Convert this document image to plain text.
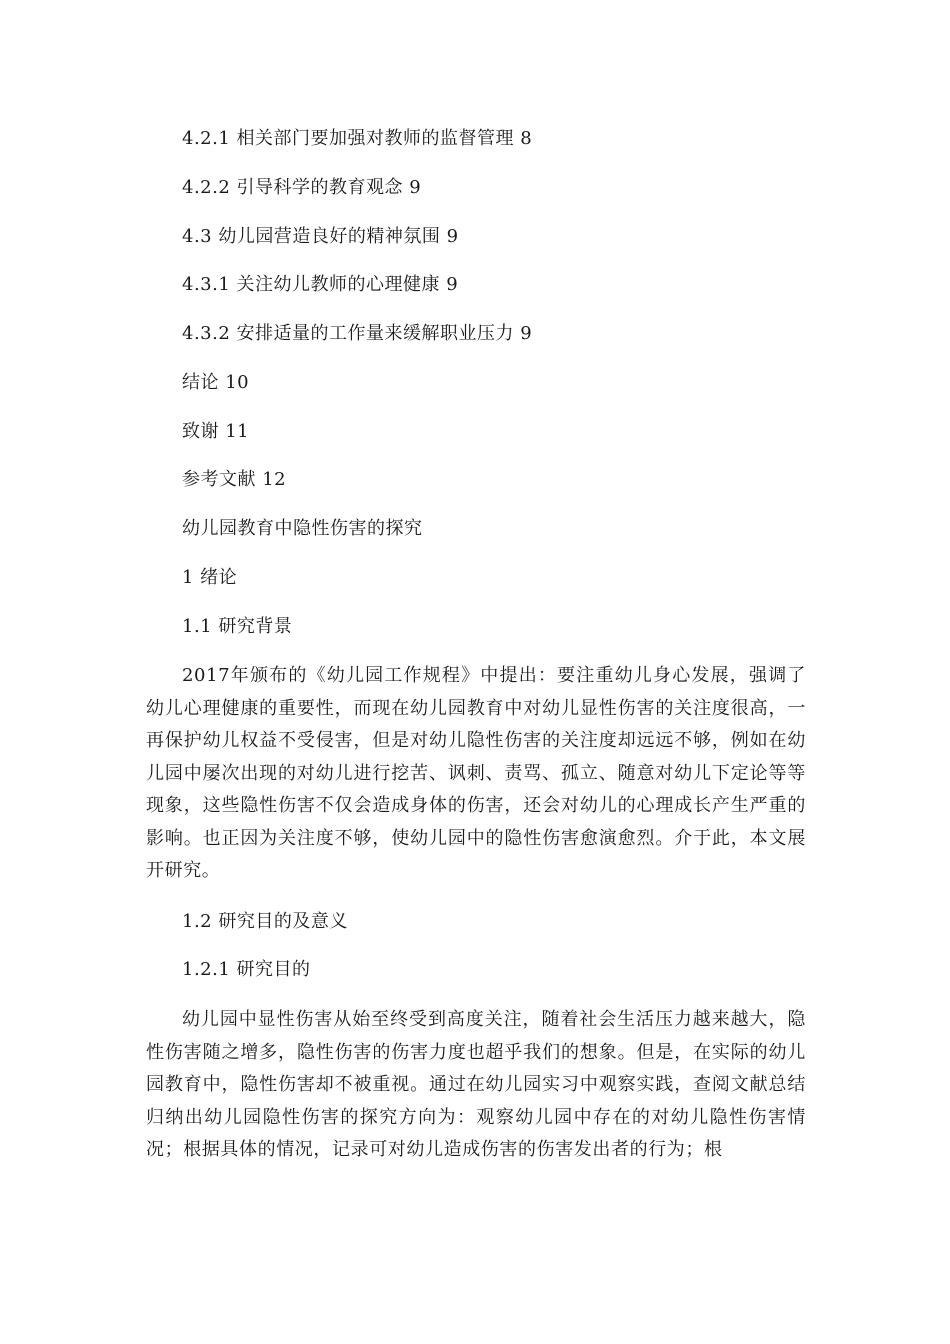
4.2.1 相关部门要加强对教师的监督管理 8
4.2.2 引导科学的教育观念 9
4.3 幼儿园营造良好的精神氛围 9
4.3.1 关注幼儿教师的心理健康 9
4.3.2 安排适量的工作量来缓解职业压力 9
结论 10
致谢 11
参考文献 12
幼儿园教育中隐性伤害的探究
1 绪论
1.1 研究背景
2017年颁布的《幼儿园工作规程》中提出：要注重幼儿身心发展，强调了幼儿心理健康的重要性，而现在幼儿园教育中对幼儿显性伤害的关注度很高，一再保护幼儿权益不受侵害，但是对幼儿隐性伤害的关注度却远远不够，例如在幼儿园中屡次出现的对幼儿进行挖苦、讽刺、责骂、孤立、随意对幼儿下定论等等现象，这些隐性伤害不仅会造成身体的伤害，还会对幼儿的心理成长产生严重的影响。也正因为关注度不够，使幼儿园中的隐性伤害愈演愈烈。介于此，本文展开研究。
1.2 研究目的及意义
1.2.1 研究目的
幼儿园中显性伤害从始至终受到高度关注，随着社会生活压力越来越大，隐性伤害随之增多，隐性伤害的伤害力度也超乎我们的想象。但是，在实际的幼儿园教育中，隐性伤害却不被重视。通过在幼儿园实习中观察实践，查阅文献总结归纳出幼儿园隐性伤害的探究方向为：观察幼儿园中存在的对幼儿隐性伤害情况；根据具体的情况，记录可对幼儿造成伤害的伤害发出者的行为；根
